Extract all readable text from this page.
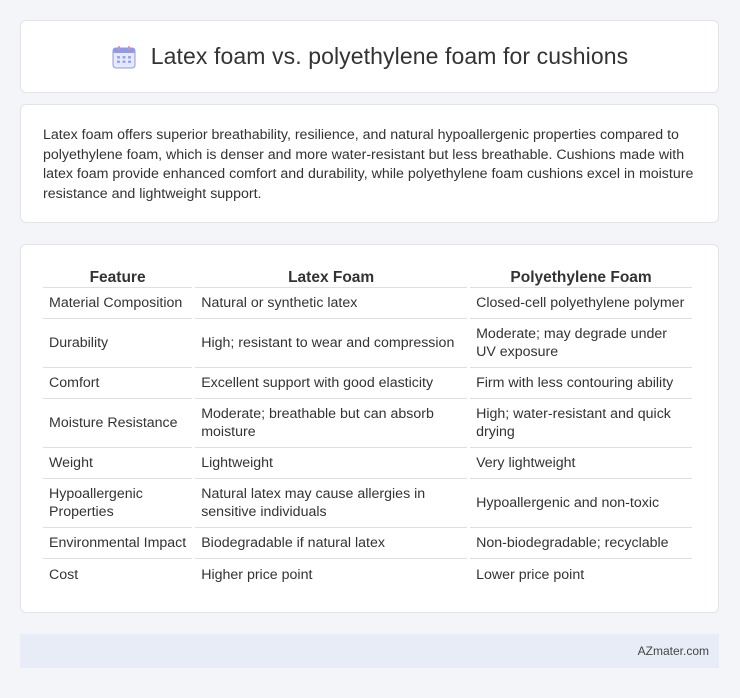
Latex foam vs. polyethylene foam for cushions

Latex foam offers superior breathability, resilience, and natural hypoallergenic properties compared to polyethylene foam, which is denser and more water-resistant but less breathable. Cushions made with latex foam provide enhanced comfort and durability, while polyethylene foam cushions excel in moisture resistance and lightweight support.

Feature	Latex Foam	Polyethylene Foam
Material Composition	Natural or synthetic latex	Closed-cell polyethylene polymer
Durability	High; resistant to wear and compression	Moderate; may degrade under UV exposure
Comfort	Excellent support with good elasticity	Firm with less contouring ability
Moisture Resistance	Moderate; breathable but can absorb moisture	High; water-resistant and quick drying
Weight	Lightweight	Very lightweight
Hypoallergenic Properties	Natural latex may cause allergies in sensitive individuals	Hypoallergenic and non-toxic
Environmental Impact	Biodegradable if natural latex	Non-biodegradable; recyclable
Cost	Higher price point	Lower price point
AZmater.com
